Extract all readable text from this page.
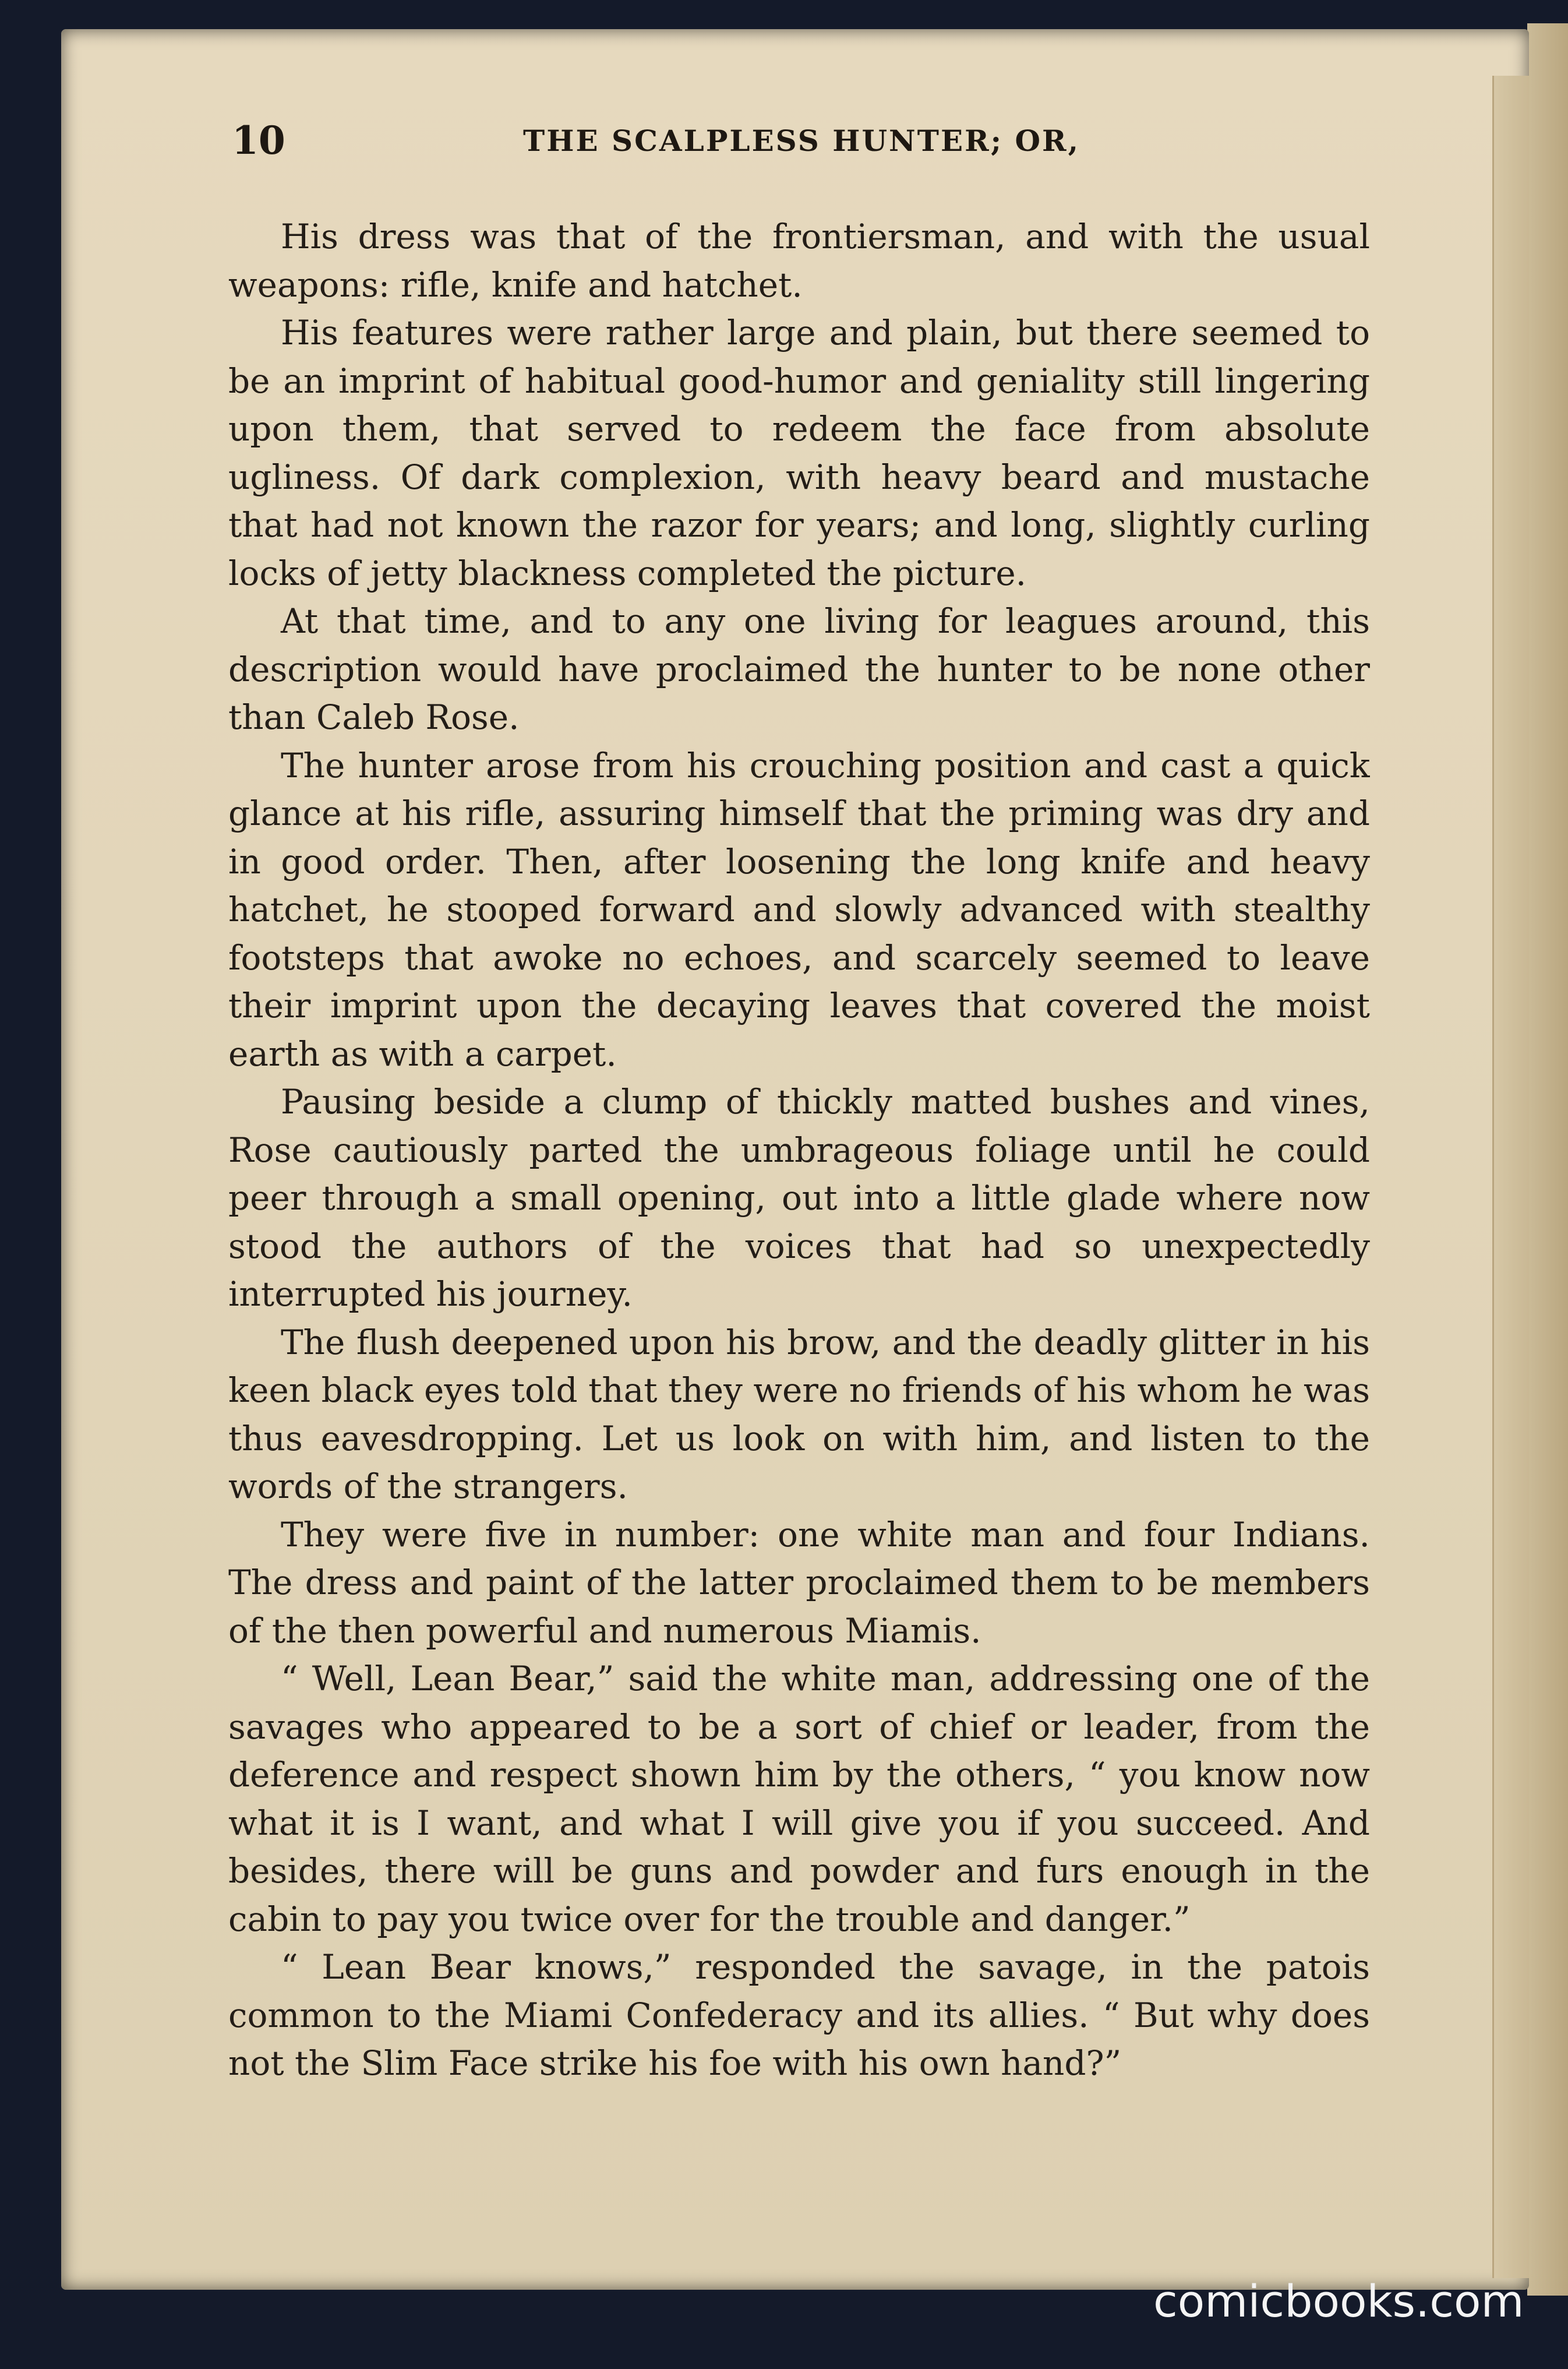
10	THE SCALPLESS HUNTER; OR,

His dress was that of the frontiersman, and with the usual weapons: rifle, knife and hatchet.

His features were rather large and plain, but there seemed to be an imprint of habitual good-humor and geniality still lingering upon them, that served to redeem the face from absolute ugliness. Of dark complexion, with heavy beard and mustache that had not known the razor for years; and long, slightly curling locks of jetty blackness completed the picture.

At that time, and to any one living for leagues around, this description would have proclaimed the hunter to be none other than Caleb Rose.

The hunter arose from his crouching position and cast a quick glance at his rifle, assuring himself that the priming was dry and in good order. Then, after loosening the long knife and heavy hatchet, he stooped forward and slowly advanced with stealthy footsteps that awoke no echoes, and scarcely seemed to leave their imprint upon the decaying leaves that covered the moist earth as with a carpet.

Pausing beside a clump of thickly matted bushes and vines, Rose cautiously parted the umbrageous foliage until he could peer through a small opening, out into a little glade where now stood the authors of the voices that had so unexpectedly interrupted his journey.

The flush deepened upon his brow, and the deadly glitter in his keen black eyes told that they were no friends of his whom he was thus eavesdropping. Let us look on with him, and listen to the words of the strangers.

They were five in number: one white man and four Indians. The dress and paint of the latter proclaimed them to be members of the then powerful and numerous Miamis.

“ Well, Lean Bear,” said the white man, addressing one of the savages who appeared to be a sort of chief or leader, from the deference and respect shown him by the others, “ you know now what it is I want, and what I will give you if you succeed. And besides, there will be guns and powder and furs enough in the cabin to pay you twice over for the trouble and danger.”

“ Lean Bear knows,” responded the savage, in the patois common to the Miami Confederacy and its allies. “ But why does not the Slim Face strike his foe with his own hand?”

comicbooks.com
